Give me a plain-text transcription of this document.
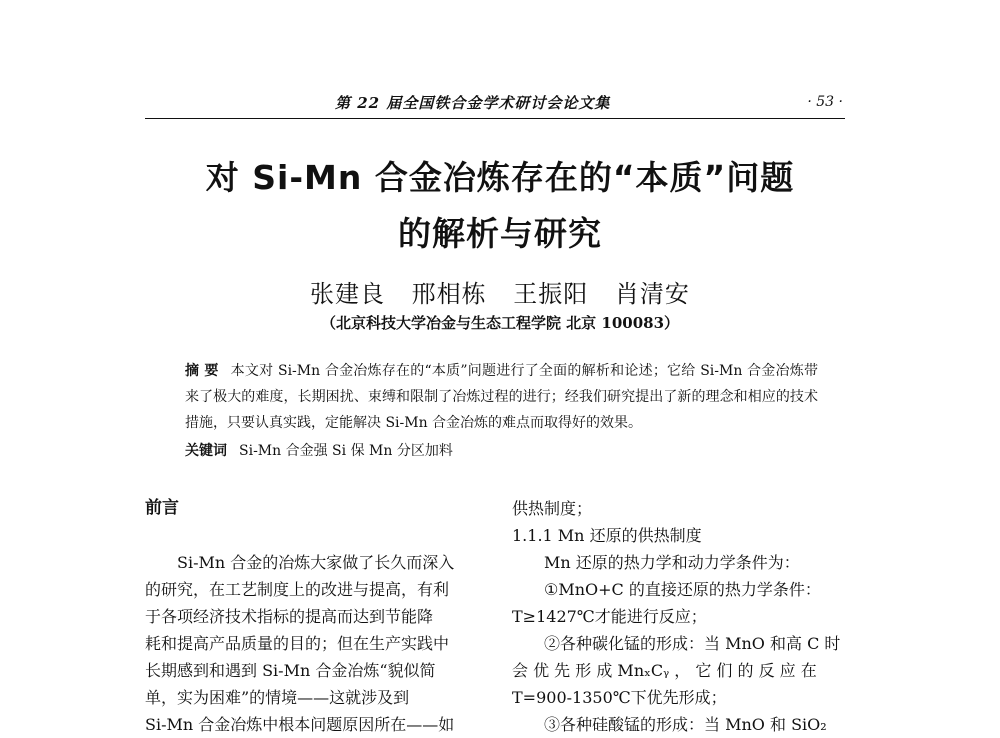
第 22 届全国铁合金学术研讨会论文集	· 53 ·
对 Si-Mn 合金冶炼存在的“本质”问题
的解析与研究
张建良 邢相栋 王振阳 肖清安
（北京科技大学冶金与生态工程学院 北京 100083）

摘 要 本文对 Si-Mn 合金冶炼存在的“本质”问题进行了全面的解析和论述；它给 Si-Mn 合金冶炼带来了极大的难度，长期困扰、束缚和限制了冶炼过程的进行；经我们研究提出了新的理念和相应的技术措施，只要认真实践，定能解决 Si-Mn 合金冶炼的难点而取得好的效果。

关键词 Si-Mn 合金强 Si 保 Mn 分区加料
前言
Si-Mn 合金的冶炼大家做了长久而深入
的研究，在工艺制度上的改进与提高，有利
于各项经济技术指标的提高而达到节能降
耗和提高产品质量的目的；但在生产实践中
长期感到和遇到 Si-Mn 合金冶炼“貌似简
单，实为困难”的情境——这就涉及到
Si-Mn 合金冶炼中根本问题原因所在——如
供热制度；
1.1.1 Mn 还原的供热制度
Mn 还原的热力学和动力学条件为：
①MnO+C 的直接还原的热力学条件：
T≥1427℃才能进行反应；
②各种碳化锰的形成：当 MnO 和高 C 时
会 优 先 形 成 MnₓCᵧ ， 它 们 的 反 应 在
T=900-1350℃下优先形成；
③各种硅酸锰的形成：当 MnO 和 SiO₂
